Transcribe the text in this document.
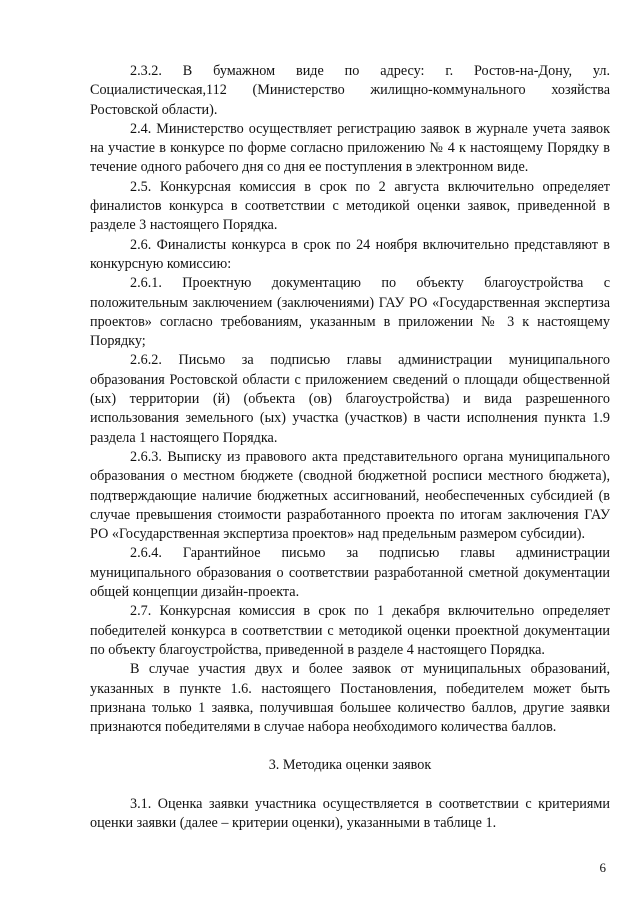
2.3.2. В бумажном виде по адресу: г. Ростов-на-Дону, ул. Социалистическая,112 (Министерство жилищно-коммунального хозяйства Ростовской области).

2.4. Министерство осуществляет регистрацию заявок в журнале учета заявок на участие в конкурсе по форме согласно приложению № 4 к настоящему Порядку в течение одного рабочего дня со дня ее поступления в электронном виде.

2.5. Конкурсная комиссия в срок по 2 августа включительно определяет финалистов конкурса в соответствии с методикой оценки заявок, приведенной в разделе 3 настоящего Порядка.

2.6. Финалисты конкурса в срок по 24 ноября включительно представляют в конкурсную комиссию:

2.6.1. Проектную документацию по объекту благоустройства с положительным заключением (заключениями) ГАУ РО «Государственная экспертиза проектов» согласно требованиям, указанным в приложении № 3 к настоящему Порядку;

2.6.2. Письмо за подписью главы администрации муниципального образования Ростовской области с приложением сведений о площади общественной (ых) территории (й) (объекта (ов) благоустройства) и вида разрешенного использования земельного (ых) участка (участков) в части исполнения пункта 1.9 раздела 1 настоящего Порядка.

2.6.3. Выписку из правового акта представительного органа муниципального образования о местном бюджете (сводной бюджетной росписи местного бюджета), подтверждающие наличие бюджетных ассигнований, необеспеченных субсидией (в случае превышения стоимости разработанного проекта по итогам заключения ГАУ РО «Государственная экспертиза проектов» над предельным размером субсидии).

2.6.4. Гарантийное письмо за подписью главы администрации муниципального образования о соответствии разработанной сметной документации общей концепции дизайн-проекта.

2.7. Конкурсная комиссия в срок по 1 декабря включительно определяет победителей конкурса в соответствии с методикой оценки проектной документации по объекту благоустройства, приведенной в разделе 4 настоящего Порядка.

В случае участия двух и более заявок от муниципальных образований, указанных в пункте 1.6. настоящего Постановления, победителем может быть признана только 1 заявка, получившая большее количество баллов, другие заявки признаются победителями в случае набора необходимого количества баллов.

3. Методика оценки заявок

3.1. Оценка заявки участника осуществляется в соответствии с критериями оценки заявки (далее – критерии оценки), указанными в таблице 1.

6
